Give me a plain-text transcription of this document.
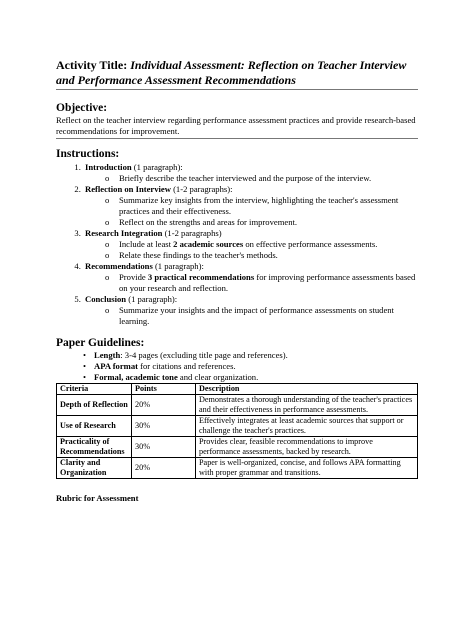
Activity Title: Individual Assessment: Reflection on Teacher Interview and Performance Assessment Recommendations

Objective:
Reflect on the teacher interview regarding performance assessment practices and provide research-based recommendations for improvement.
Instructions:
1. Introduction (1 paragraph):
o Briefly describe the teacher interviewed and the purpose of the interview.
2. Reflection on Interview (1-2 paragraphs):
o Summarize key insights from the interview, highlighting the teacher's assessment practices and their effectiveness.
o Reflect on the strengths and areas for improvement.
3. Research Integration (1-2 paragraphs)
o Include at least 2 academic sources on effective performance assessments.
o Relate these findings to the teacher's methods.
4. Recommendations (1 paragraph):
o Provide 3 practical recommendations for improving performance assessments based on your research and reflection.
5. Conclusion (1 paragraph):
o Summarize your insights and the impact of performance assessments on student learning.
Paper Guidelines:
• Length: 3-4 pages (excluding title page and references).
• APA format for citations and references.
• Formal, academic tone and clear organization.
Criteria	Points	Description
Depth of Reflection	20%	Demonstrates a thorough understanding of the teacher's practices and their effectiveness in performance assessments.
Use of Research	30%	Effectively integrates at least academic sources that support or challenge the teacher's practices.
Practicality of Recommendations	30%	Provides clear, feasible recommendations to improve performance assessments, backed by research.
Clarity and Organization	20%	Paper is well-organized, concise, and follows APA formatting with proper grammar and transitions.
Rubric for Assessment
